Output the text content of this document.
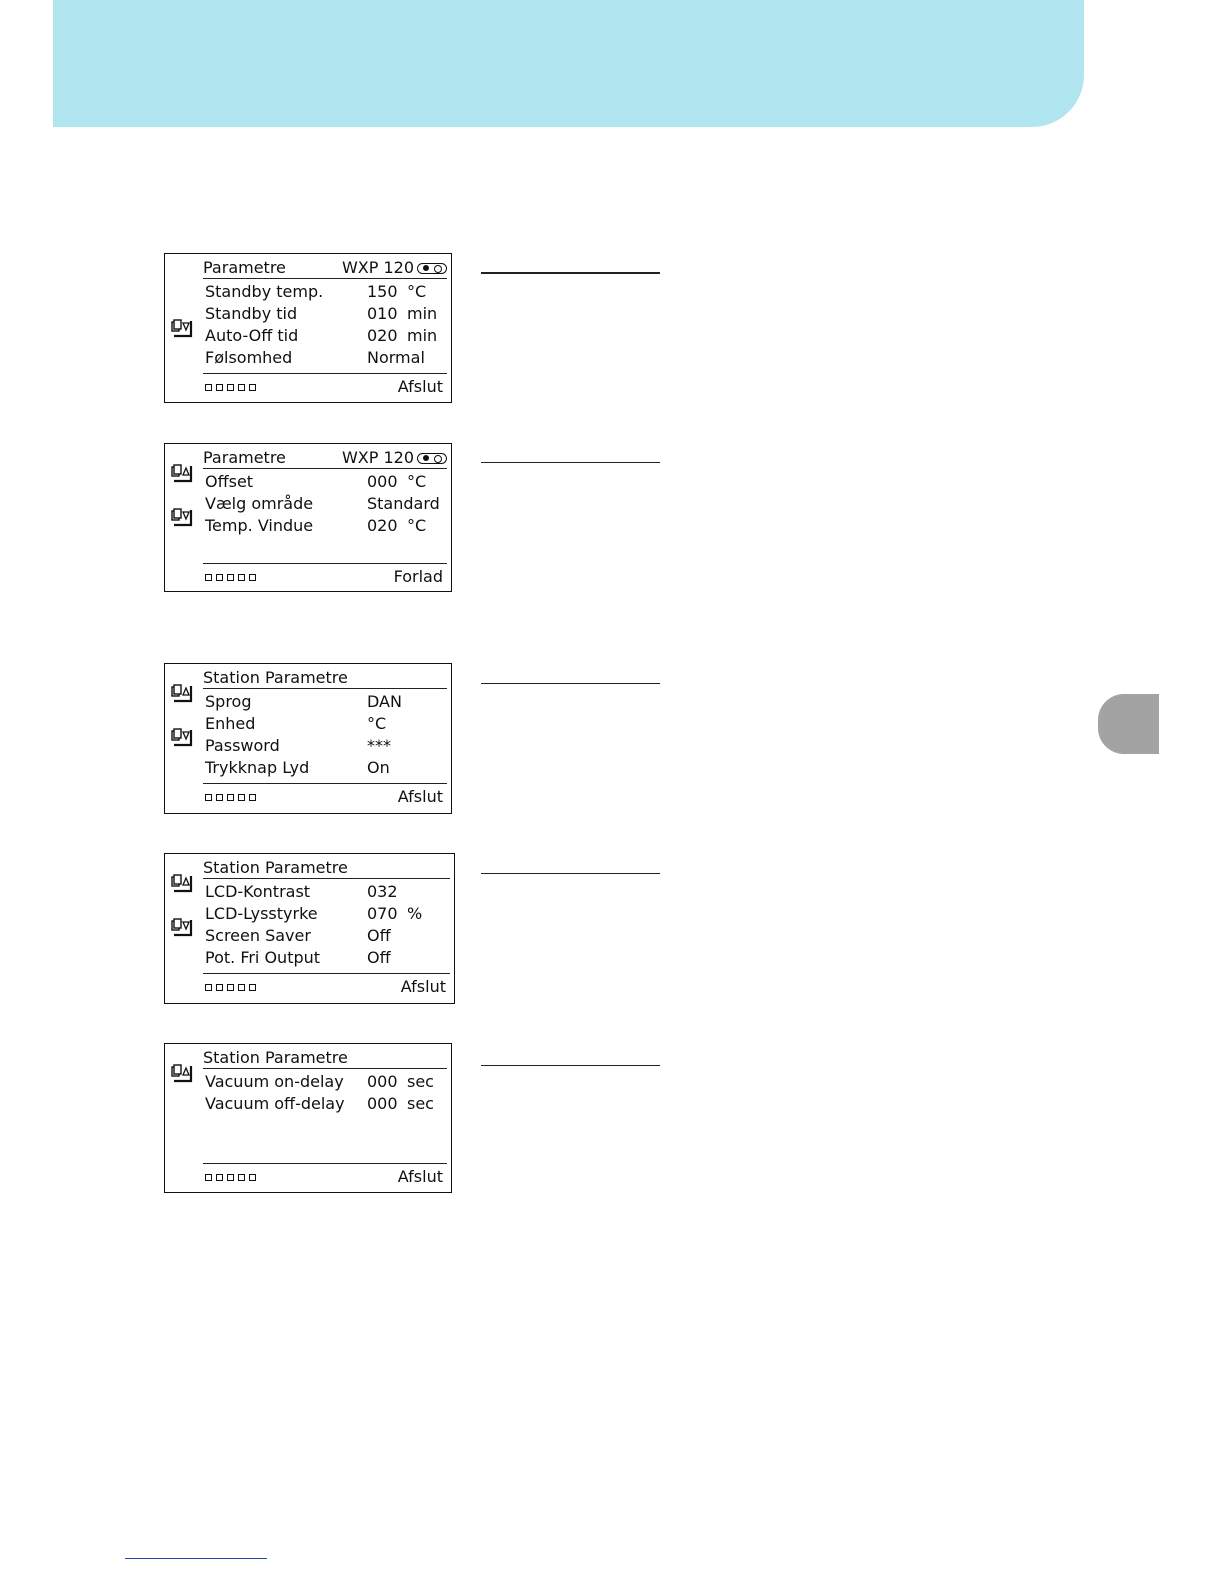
Parametre	WXP 120
Standby temp.	150 °C
Standby tid	010 min
Auto-Off tid	020 min
Følsomhed	Normal
Afslut
Parametre	WXP 120
Offset	000 °C
Vælg område	Standard
Temp. Vindue	020 °C
Forlad
Station Parametre
Sprog	DAN
Enhed	°C
Password	***
Trykknap Lyd	On
Afslut
Station Parametre
LCD-Kontrast	032
LCD-Lysstyrke	070 %
Screen Saver	Off
Pot. Fri Output	Off
Afslut
Station Parametre
Vacuum on-delay 000 sec
Vacuum off-delay 000 sec
Afslut
